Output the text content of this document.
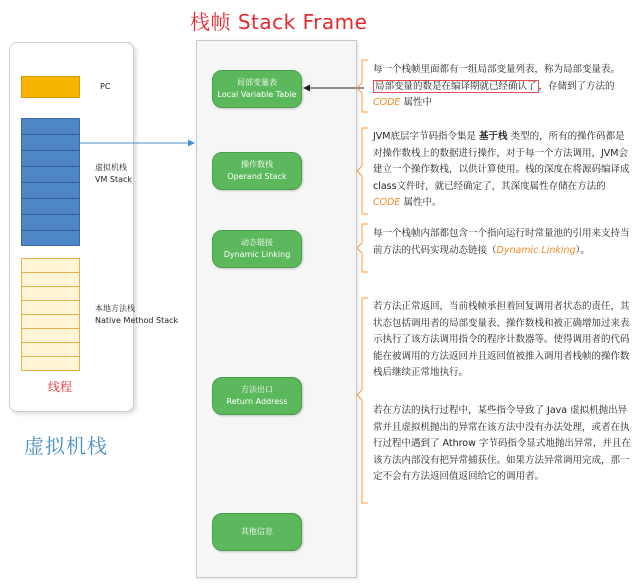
栈帧 Stack Frame
PC
虚拟机栈
VM Stack
本地方法栈
Native Method Stack
线程
虚拟机栈
局部变量表
Local Variable Table
操作数栈
Operand Stack
动态链接
Dynamic Linking
方法出口
Return Address
其他信息
每一个栈帧里面都有一组局部变量列表，称为局部变量表。局部变量的数是在编译期就已经确认了 ，存储到了方法的 CODE 属性中
JVM底层字节码指令集是 基于栈 类型的，所有的操作码都是对操作数栈上的数据进行操作，对于每一个方法调用，JVM会建立一个操作数栈，以供计算使用。栈的深度在将源码编译成class文件时，就已经确定了，其深度属性存储在方法的 CODE 属性中。
每一个栈帧内部都包含一个指向运行时常量池的引用来支持当前方法的代码实现动态链接（Dynamic Linking）。
若方法正常返回，当前栈帧承担着回复调用者状态的责任，其状态包括调用者的局部变量表、操作数栈和被正确增加过来表示执行了该方法调用指令的程序计数器等。使得调用者的代码能在被调用的方法返回并且返回值被推入调用者栈帧的操作数栈后继续正常地执行。
若在方法的执行过程中，某些指令导致了 Java 虚拟机抛出异常并且虚拟机抛出的异常在该方法中没有办法处理，或者在执行过程中遇到了 Athrow 字节码指令显式地抛出异常，并且在该方法内部没有把异常捕获住。如果方法异常调用完成，那一定不会有方法返回值返回给它的调用者。
